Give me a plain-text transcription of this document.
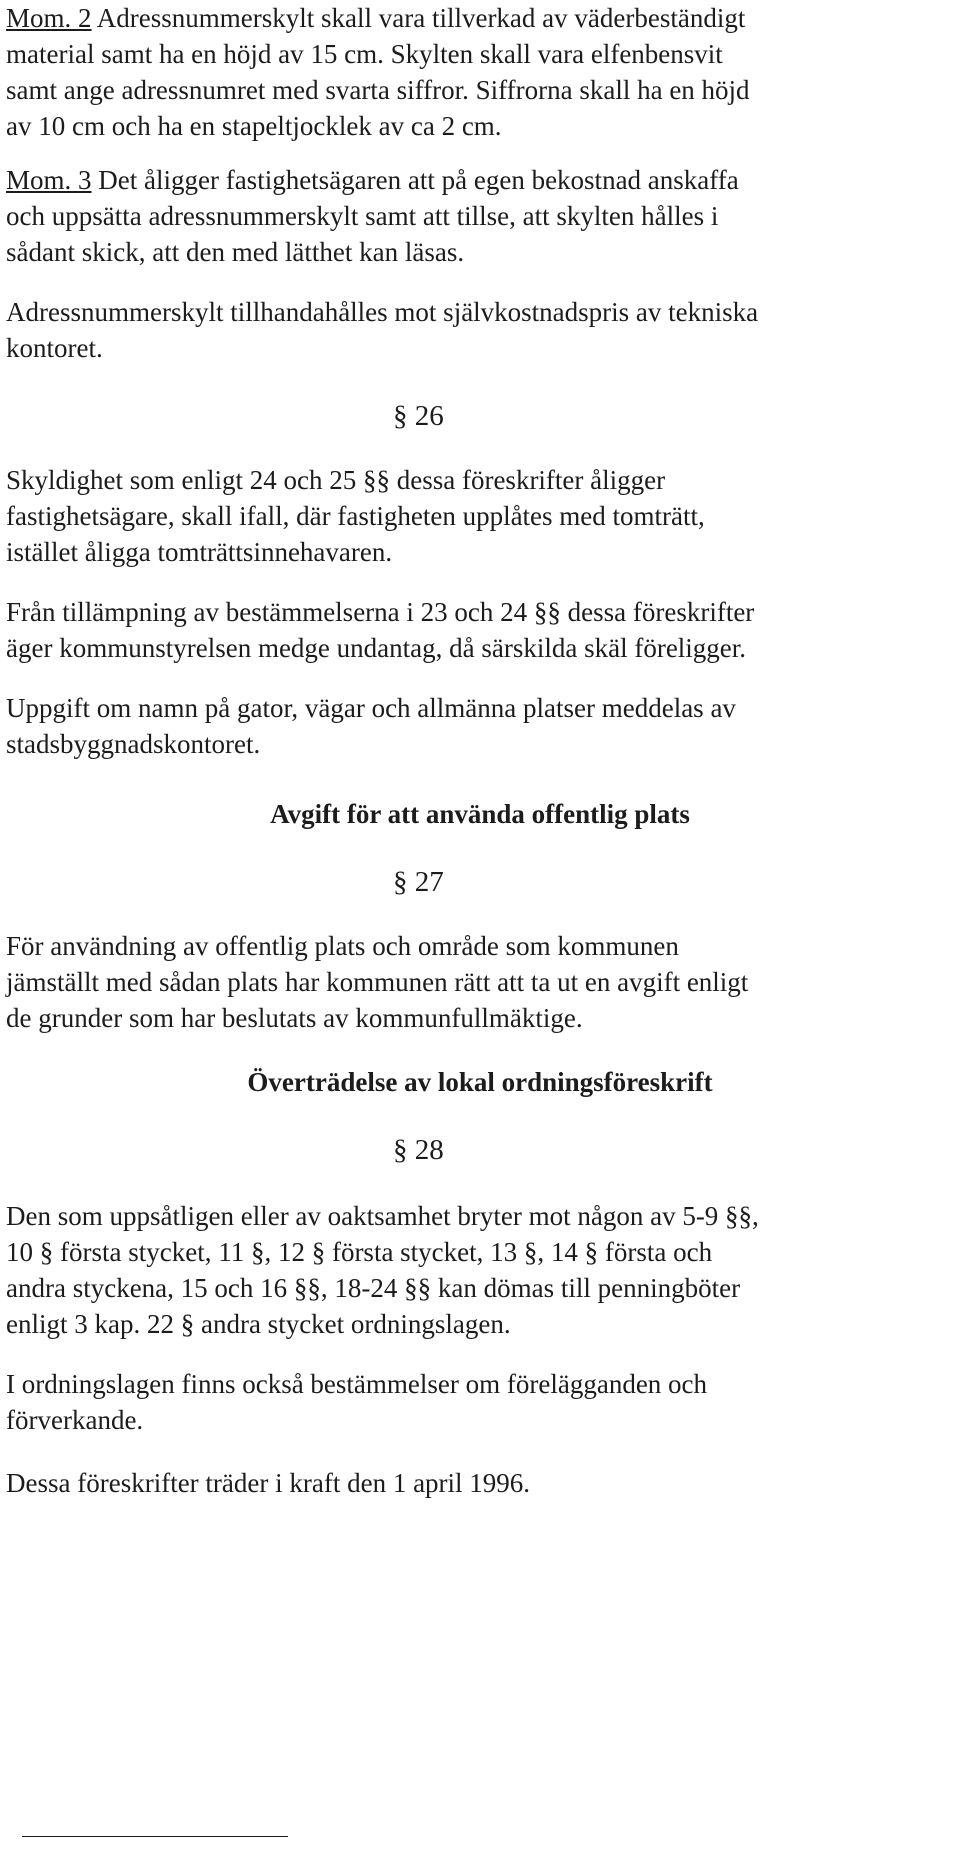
Mom. 2 Adressnummerskylt skall vara tillverkad av väderbeständigt
material samt ha en höjd av 15 cm. Skylten skall vara elfenbensvit
samt ange adressnumret med svarta siffror. Siffrorna skall ha en höjd
av 10 cm och ha en stapeltjocklek av ca 2 cm.

Mom. 3 Det åligger fastighetsägaren att på egen bekostnad anskaffa
och uppsätta adressnummerskylt samt att tillse, att skylten hålles i
sådant skick, att den med lätthet kan läsas.

Adressnummerskylt tillhandahålles mot självkostnadspris av tekniska
kontoret.

§ 26

Skyldighet som enligt 24 och 25 §§ dessa föreskrifter åligger
fastighetsägare, skall ifall, där fastigheten upplåtes med tomträtt,
istället åligga tomträttsinnehavaren.

Från tillämpning av bestämmelserna i 23 och 24 §§ dessa föreskrifter
äger kommunstyrelsen medge undantag, då särskilda skäl föreligger.

Uppgift om namn på gator, vägar och allmänna platser meddelas av
stadsbyggnadskontoret.

Avgift för att använda offentlig plats
§ 27

För användning av offentlig plats och område som kommunen
jämställt med sådan plats har kommunen rätt att ta ut en avgift enligt
de grunder som har beslutats av kommunfullmäktige.

Överträdelse av lokal ordningsföreskrift
§ 28

Den som uppsåtligen eller av oaktsamhet bryter mot någon av 5-9 §§,
10 § första stycket, 11 §, 12 § första stycket, 13 §, 14 § första och
andra styckena, 15 och 16 §§, 18-24 §§ kan dömas till penningböter
enligt 3 kap. 22 § andra stycket ordningslagen.

I ordningslagen finns också bestämmelser om förelägganden och
förverkande.

Dessa föreskrifter träder i kraft den 1 april 1996.
